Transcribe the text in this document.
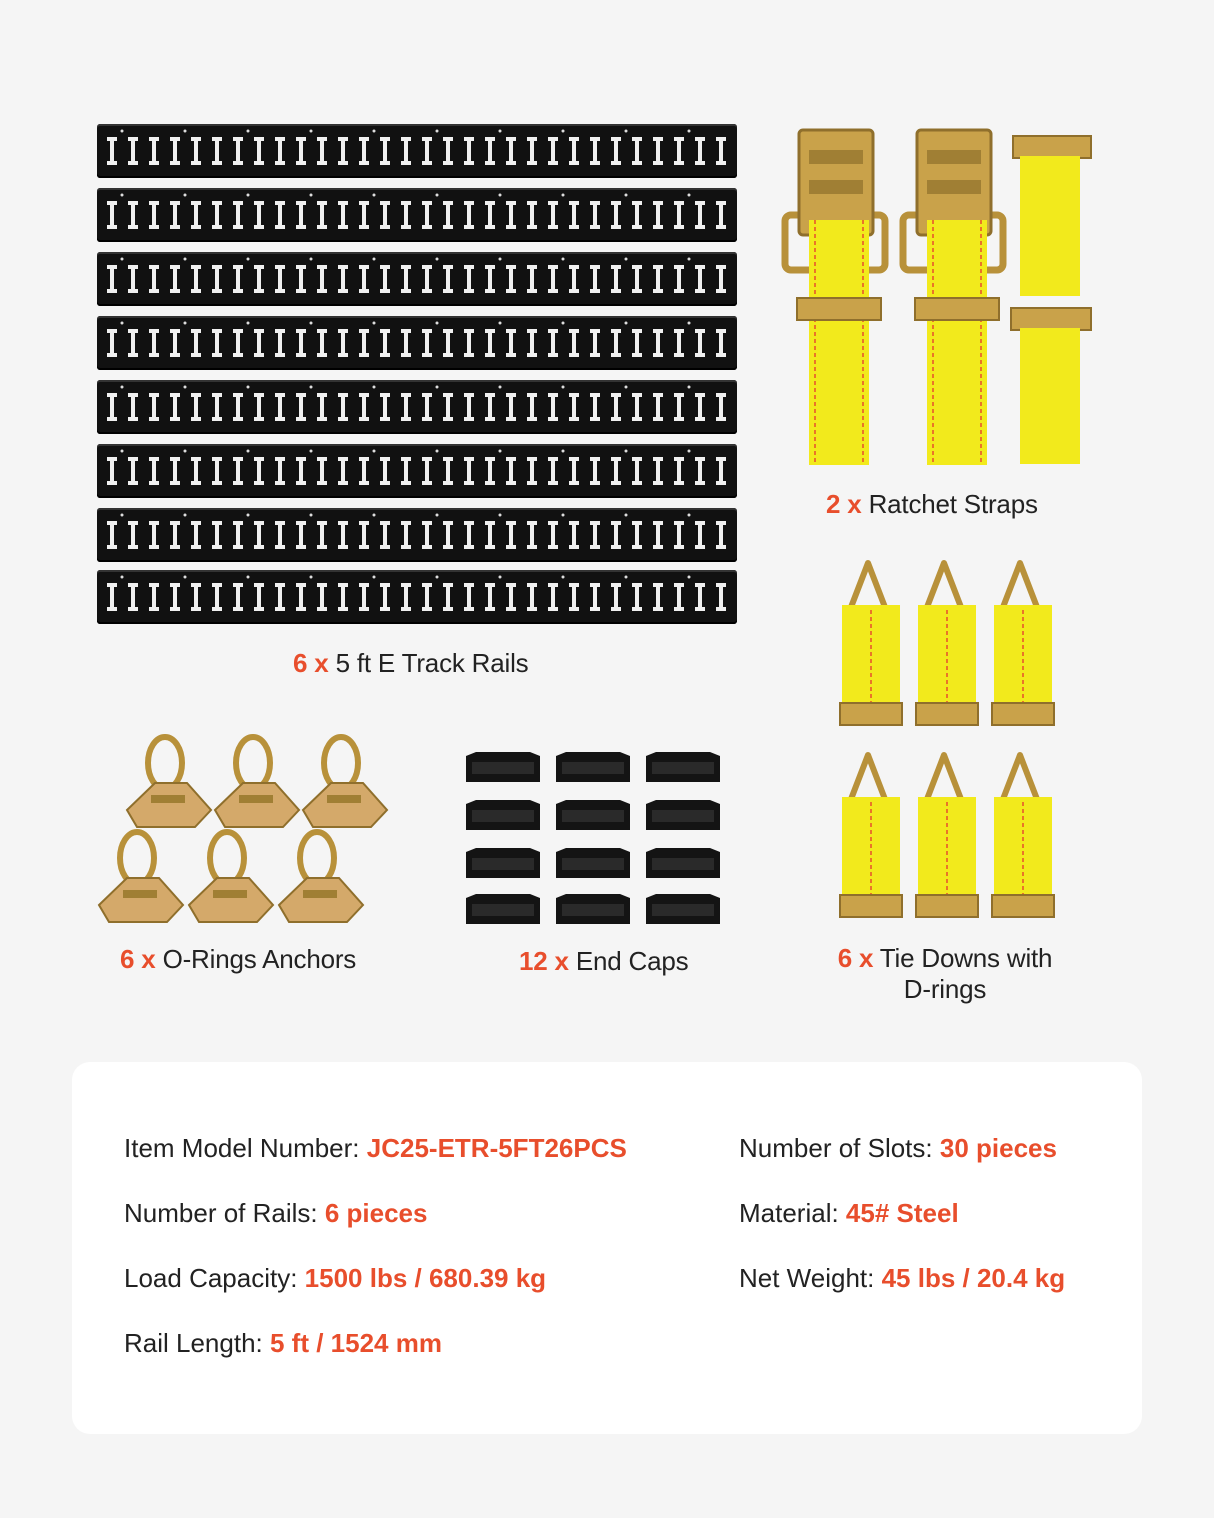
6 x 5 ft E Track Rails
2 x Ratchet Straps
6 x Tie Downs with
D-rings
6 x O-Rings Anchors	12 x End Caps
Item Model Number: JC25-ETR-5FT26PCS	Number of Slots: 30 pieces
Number of Rails: 6 pieces	Material: 45# Steel
Load Capacity: 1500 lbs / 680.39 kg	Net Weight: 45 lbs / 20.4 kg
Rail Length: 5 ft / 1524 mm
